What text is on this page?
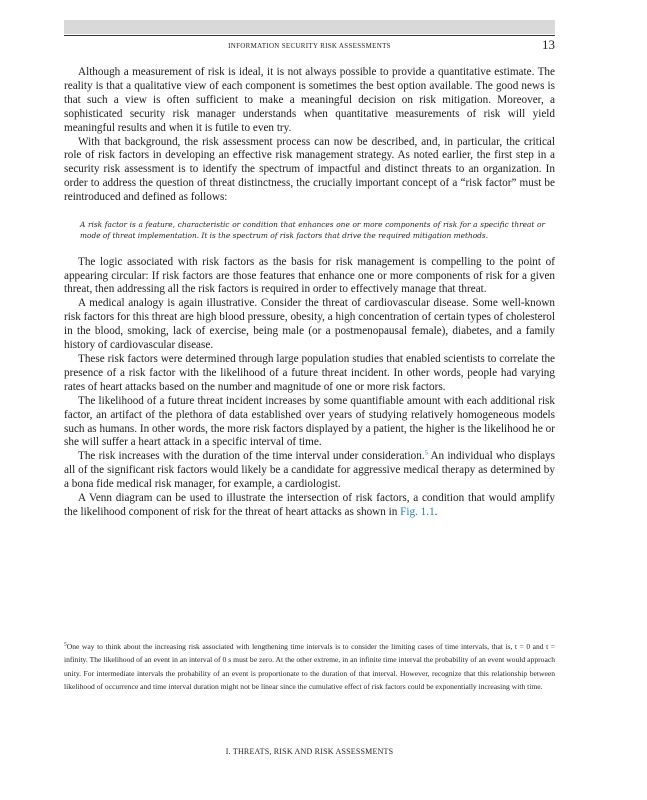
INFORMATION SECURITY RISK ASSESSMENTS	13

Although a measurement of risk is ideal, it is not always possible to provide a quantitative estimate. The reality is that a qualitative view of each component is sometimes the best option available. The good news is that such a view is often sufficient to make a meaningful decision on risk mitigation. Moreover, a sophisticated security risk manager understands when quantitative measurements of risk will yield meaningful results and when it is futile to even try.

With that background, the risk assessment process can now be described, and, in particular, the critical role of risk factors in developing an effective risk management strategy. As noted earlier, the first step in a security risk assessment is to identify the spectrum of impactful and distinct threats to an organization. In order to address the question of threat distinctness, the crucially important concept of a “risk factor” must be reintroduced and defined as follows:

A risk factor is a feature, characteristic or condition that enhances one or more components of risk for a specific threat or mode of threat implementation. It is the spectrum of risk factors that drive the required mitigation methods.

The logic associated with risk factors as the basis for risk management is compelling to the point of appearing circular: If risk factors are those features that enhance one or more components of risk for a given threat, then addressing all the risk factors is required in order to effectively manage that threat.

A medical analogy is again illustrative. Consider the threat of cardiovascular disease. Some well-known risk factors for this threat are high blood pressure, obesity, a high concentration of certain types of cholesterol in the blood, smoking, lack of exercise, being male (or a postmenopausal female), diabetes, and a family history of cardiovascular disease.

These risk factors were determined through large population studies that enabled scientists to correlate the presence of a risk factor with the likelihood of a future threat incident. In other words, people had varying rates of heart attacks based on the number and magnitude of one or more risk factors.

The likelihood of a future threat incident increases by some quantifiable amount with each additional risk factor, an artifact of the plethora of data established over years of studying relatively homogeneous models such as humans. In other words, the more risk factors displayed by a patient, the higher is the likelihood he or she will suffer a heart attack in a specific interval of time.

The risk increases with the duration of the time interval under consideration.$^5$ An individual who displays all of the significant risk factors would likely be a candidate for aggressive medical therapy as determined by a bona fide medical risk manager, for example, a cardiologist.

A Venn diagram can be used to illustrate the intersection of risk factors, a condition that would amplify the likelihood component of risk for the threat of heart attacks as shown in Fig. 1.1.

$^5$One way to think about the increasing risk associated with lengthening time intervals is to consider the limiting cases of time intervals, that is, t = 0 and t = infinity. The likelihood of an event in an interval of 0 s must be zero. At the other extreme, in an infinite time interval the probability of an event would approach unity. For intermediate intervals the probability of an event is proportionate to the duration of that interval. However, recognize that this relationship between likelihood of occurrence and time interval duration might not be linear since the cumulative effect of risk factors could be exponentially increasing with time.
I. THREATS, RISK AND RISK ASSESSMENTS
